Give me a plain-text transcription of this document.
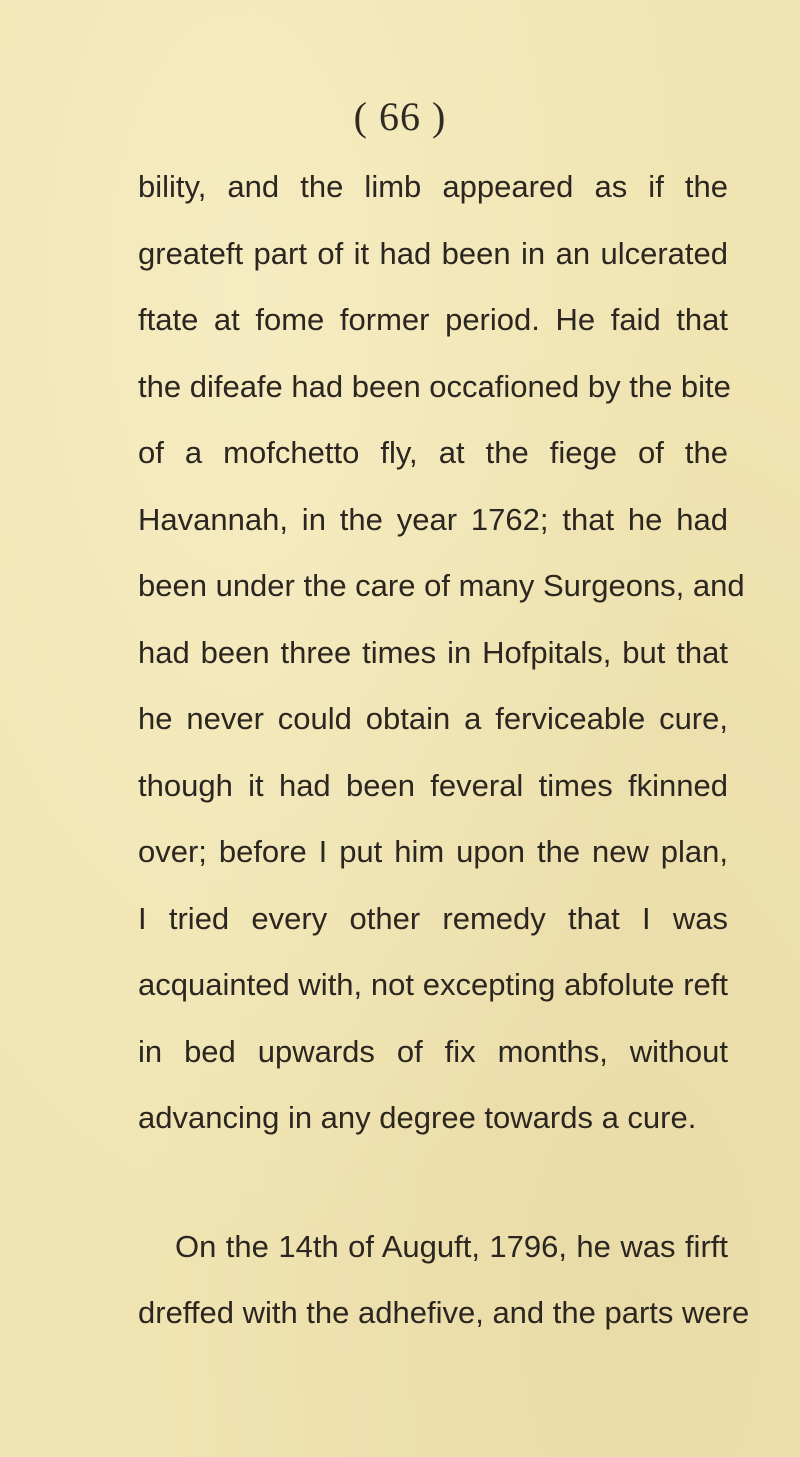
( 66 )
bility, and the limb appeared as if the
greateft part of it had been in an ulcerated
ftate at fome former period. He faid that
the difeafe had been occafioned by the bite
of a mofchetto fly, at the fiege of the
Havannah, in the year 1762; that he had
been under the care of many Surgeons, and
had been three times in Hofpitals, but that
he never could obtain a ferviceable cure,
though it had been feveral times fkinned
over; before I put him upon the new plan,
I tried every other remedy that I was
acquainted with, not excepting abfolute reft
in bed upwards of fix months, without
advancing in any degree towards a cure.
On the 14th of Auguft, 1796, he was firft
dreffed with the adhefive, and the parts were
